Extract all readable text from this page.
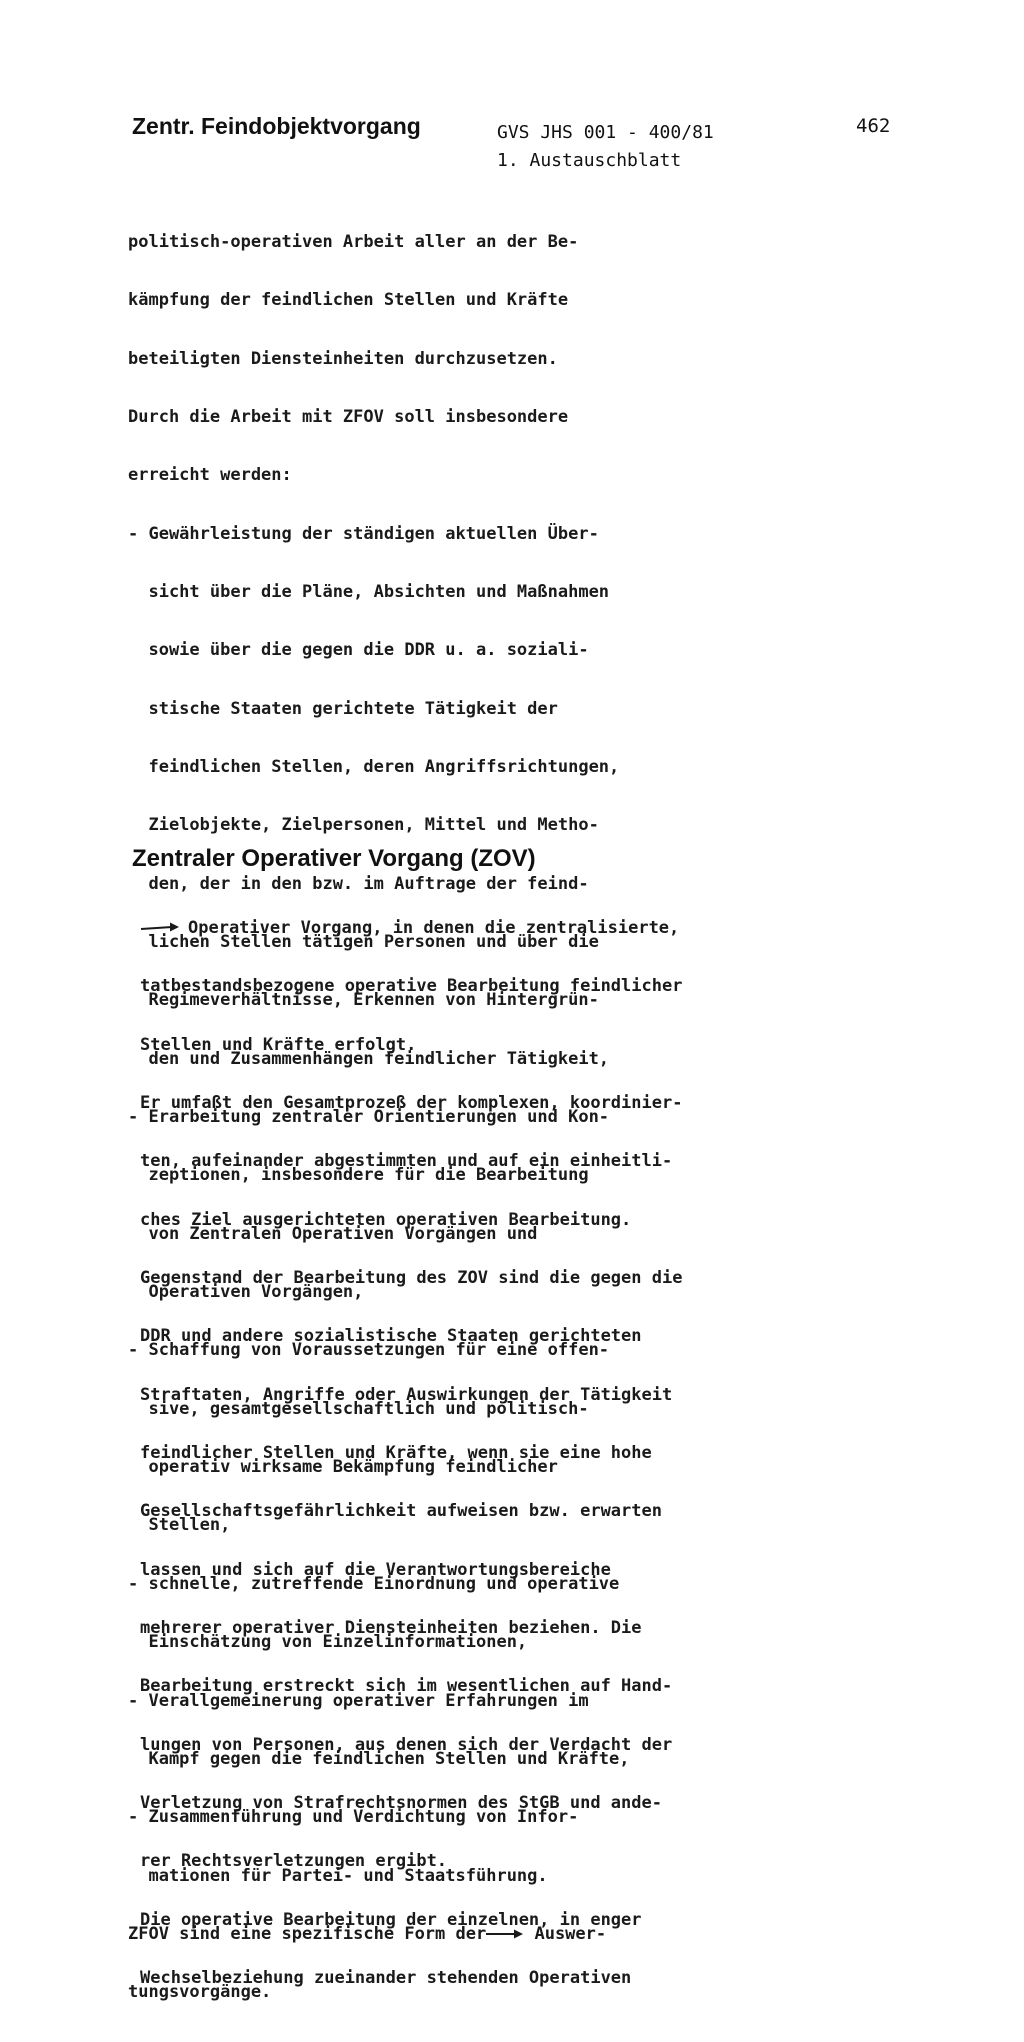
Zentr. Feindobjektvorgang	GVS JHS 001 - 400/81
1. Austauschblatt
462

politisch-operativen Arbeit aller an der Be-

kämpfung der feindlichen Stellen und Kräfte

beteiligten Diensteinheiten durchzusetzen.

Durch die Arbeit mit ZFOV soll insbesondere

erreicht werden:

- Gewährleistung der ständigen aktuellen Über-

sicht über die Pläne, Absichten und Maßnahmen

sowie über die gegen die DDR u. a. soziali-

stische Staaten gerichtete Tätigkeit der

feindlichen Stellen, deren Angriffsrichtungen,

Zielobjekte, Zielpersonen, Mittel und Metho-

den, der in den bzw. im Auftrage der feind-

lichen Stellen tätigen Personen und über die

Regimeverhältnisse, Erkennen von Hintergrün-

den und Zusammenhängen feindlicher Tätigkeit,

- Erarbeitung zentraler Orientierungen und Kon-

zeptionen, insbesondere für die Bearbeitung

von Zentralen Operativen Vorgängen und

Operativen Vorgängen,

- Schaffung von Voraussetzungen für eine offen-

sive, gesamtgesellschaftlich und politisch-

operativ wirksame Bekämpfung feindlicher

Stellen,

- schnelle, zutreffende Einordnung und operative

Einschätzung von Einzelinformationen,

- Verallgemeinerung operativer Erfahrungen im

Kampf gegen die feindlichen Stellen und Kräfte,

- Zusammenführung und Verdichtung von Infor-

mationen für Partei- und Staatsführung.

ZFOV sind eine spezifische Form der Auswer-

tungsvorgänge.

Zentraler Operativer Vorgang (ZOV)

Operativer Vorgang, in denen die zentralisierte,

tatbestandsbezogene operative Bearbeitung feindlicher

Stellen und Kräfte erfolgt.

Er umfaßt den Gesamtprozeß der komplexen, koordinier-

ten, aufeinander abgestimmten und auf ein einheitli-

ches Ziel ausgerichteten operativen Bearbeitung.

Gegenstand der Bearbeitung des ZOV sind die gegen die

DDR und andere sozialistische Staaten gerichteten

Straftaten, Angriffe oder Auswirkungen der Tätigkeit

feindlicher Stellen und Kräfte, wenn sie eine hohe

Gesellschaftsgefährlichkeit aufweisen bzw. erwarten

lassen und sich auf die Verantwortungsbereiche

mehrerer operativer Diensteinheiten beziehen. Die

Bearbeitung erstreckt sich im wesentlichen auf Hand-

lungen von Personen, aus denen sich der Verdacht der

Verletzung von Strafrechtsnormen des StGB und ande-

rer Rechtsverletzungen ergibt.

Die operative Bearbeitung der einzelnen, in enger

Wechselbeziehung zueinander stehenden Operativen
